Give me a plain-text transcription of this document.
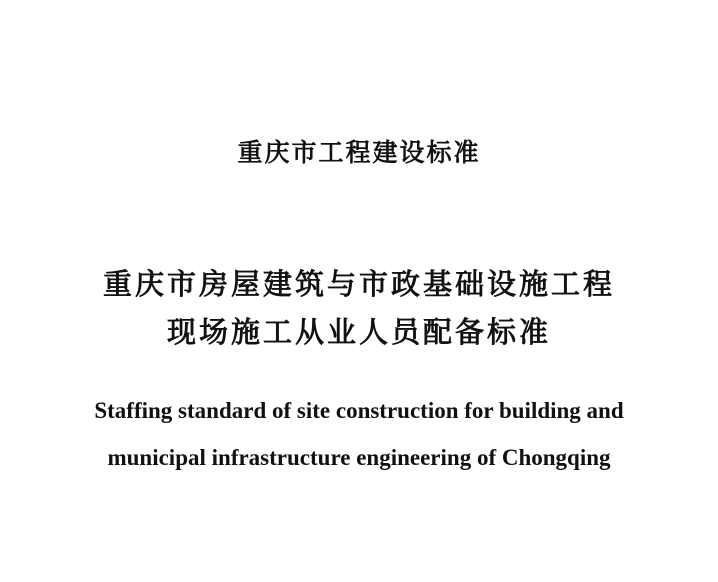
重庆市工程建设标准
重庆市房屋建筑与市政基础设施工程
现场施工从业人员配备标准
Staffing standard of site construction for building and
municipal infrastructure engineering of Chongqing
